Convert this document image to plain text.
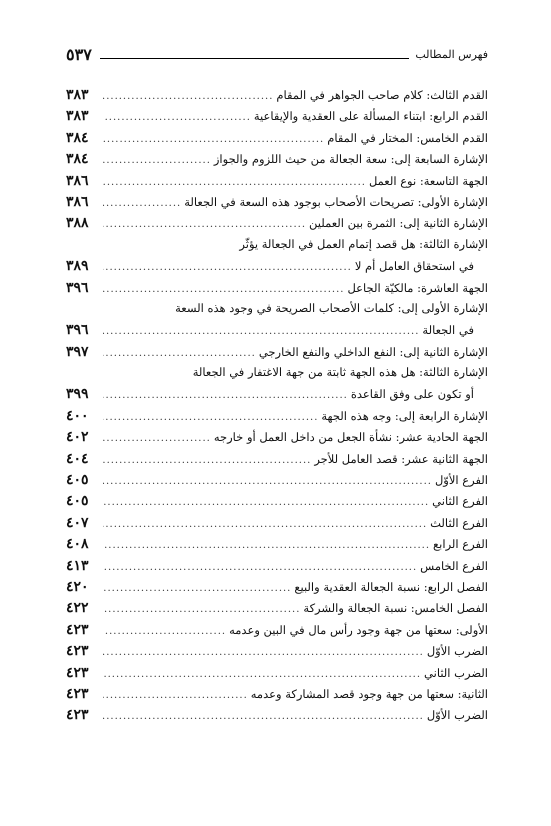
فهرس المطالب
٥٣٧
القدم الثالث: كلام صاحب الجواهر في المقام
.....
٣٨٣
القدم الرابع: ابتناء المسألة على العقدية والإيقاعية
.....
٣٨٣
القدم الخامس: المختار في المقام
.....
٣٨٤
الإشارة السابعة إلى: سعة الجعالة من حيث اللزوم والجواز
.....
٣٨٤
الجهة التاسعة: نوع العمل
.....
٣٨٦
الإشارة الأولى: تصريحات الأصحاب بوجود هذه السعة في الجعالة
.....
٣٨٦
الإشارة الثانية إلى: الثمرة بين العملين
.....
٣٨٨
الإشارة الثالثة: هل قصد إتمام العمل في الجعالة يؤثّر
في استحقاق العامل أم لا
.....
٣٨٩
الجهة العاشرة: مالكيّة الجاعل
.....
٣٩٦
الإشارة الأولى إلى: كلمات الأصحاب الصريحة في وجود هذه السعة
في الجعالة
.....
٣٩٦
الإشارة الثانية إلى: النفع الداخلي والنفع الخارجي
.....
٣٩٧
الإشارة الثالثة: هل هذه الجهة ثابتة من جهة الاغتفار في الجعالة
أو تكون على وفق القاعدة
.....
٣٩٩
الإشارة الرابعة إلى: وجه هذه الجهة
.....
٤٠٠
الجهة الحادية عشر: نشأة الجعل من داخل العمل أو خارجه
.....
٤٠٢
الجهة الثانية عشر: قصد العامل للأجر
.....
٤٠٤
الفرع الأوّل
.....
٤٠٥
الفرع الثاني
.....
٤٠٥
الفرع الثالث
.....
٤٠٧
الفرع الرابع
.....
٤٠٨
الفرع الخامس
.....
٤١٣
الفصل الرابع: نسبة الجعالة العقدية والبيع
.....
٤٢٠
الفصل الخامس: نسبة الجعالة والشركة
.....
٤٢٢
الأولى: سعتها من جهة وجود رأس مال في البين وعدمه
.....
٤٢٣
الضرب الأوّل
.....
٤٢٣
الضرب الثاني
.....
٤٢٣
الثانية: سعتها من جهة وجود قصد المشاركة وعدمه
.....
٤٢٣
الضرب الأوّل
.....
٤٢٣
